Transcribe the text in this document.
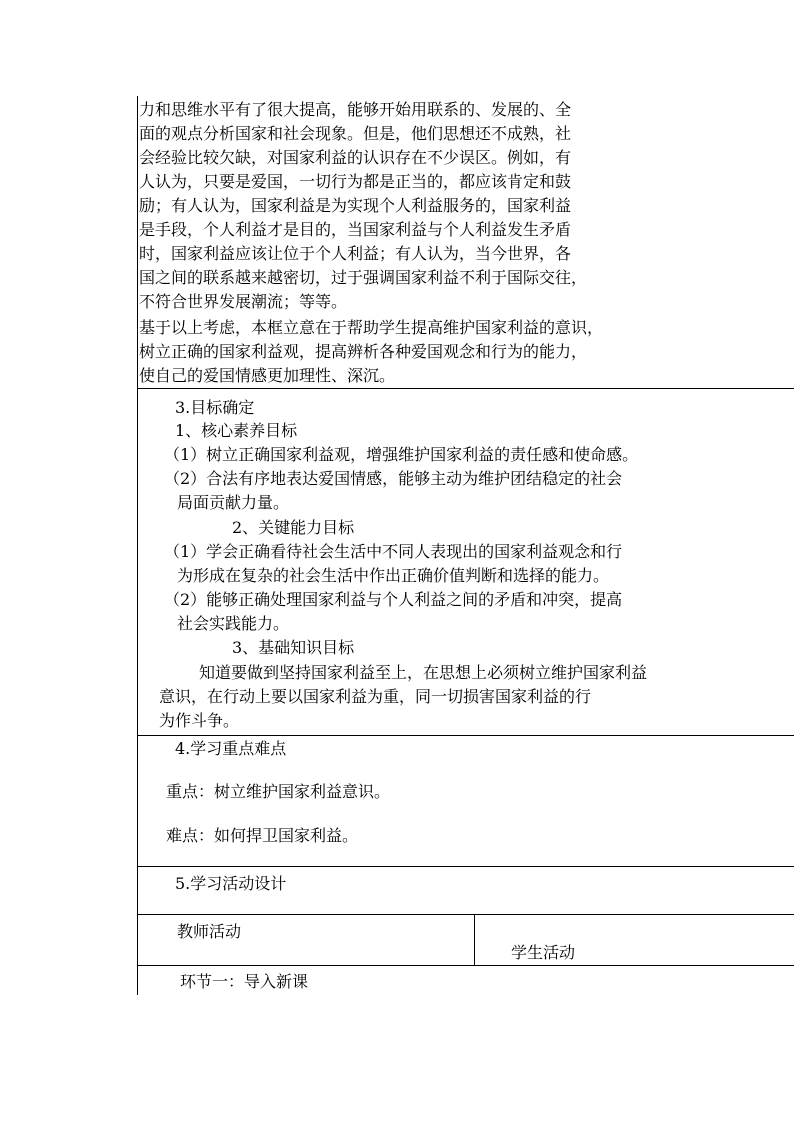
力和思维水平有了很大提高，能够开始用联系的、发展的、全
面的观点分析国家和社会现象。但是，他们思想还不成熟，社
会经验比较欠缺，对国家利益的认识存在不少误区。例如，有
人认为，只要是爱国，一切行为都是正当的，都应该肯定和鼓
励；有人认为，国家利益是为实现个人利益服务的，国家利益
是手段，个人利益才是目的，当国家利益与个人利益发生矛盾
时，国家利益应该让位于个人利益；有人认为，当今世界，各
国之间的联系越来越密切，过于强调国家利益不利于国际交往，
不符合世界发展潮流；等等。
基于以上考虑，本框立意在于帮助学生提高维护国家利益的意识，
树立正确的国家利益观，提高辨析各种爱国观念和行为的能力，
使自己的爱国情感更加理性、深沉。
3.目标确定
1、核心素养目标
（1）树立正确国家利益观，增强维护国家利益的责任感和使命感。
（2）合法有序地表达爱国情感，能够主动为维护团结稳定的社会
局面贡献力量。
2、关键能力目标
（1）学会正确看待社会生活中不同人表现出的国家利益观念和行
为形成在复杂的社会生活中作出正确价值判断和选择的能力。
（2）能够正确处理国家利益与个人利益之间的矛盾和冲突，提高
社会实践能力。
3、基础知识目标
知道要做到坚持国家利益至上，在思想上必须树立维护国家利益
意识，在行动上要以国家利益为重，同一切损害国家利益的行
为作斗争。
4.学习重点难点
重点：树立维护国家利益意识。
难点：如何捍卫国家利益。
5.学习活动设计
教师活动
学生活动
环节一：导入新课
